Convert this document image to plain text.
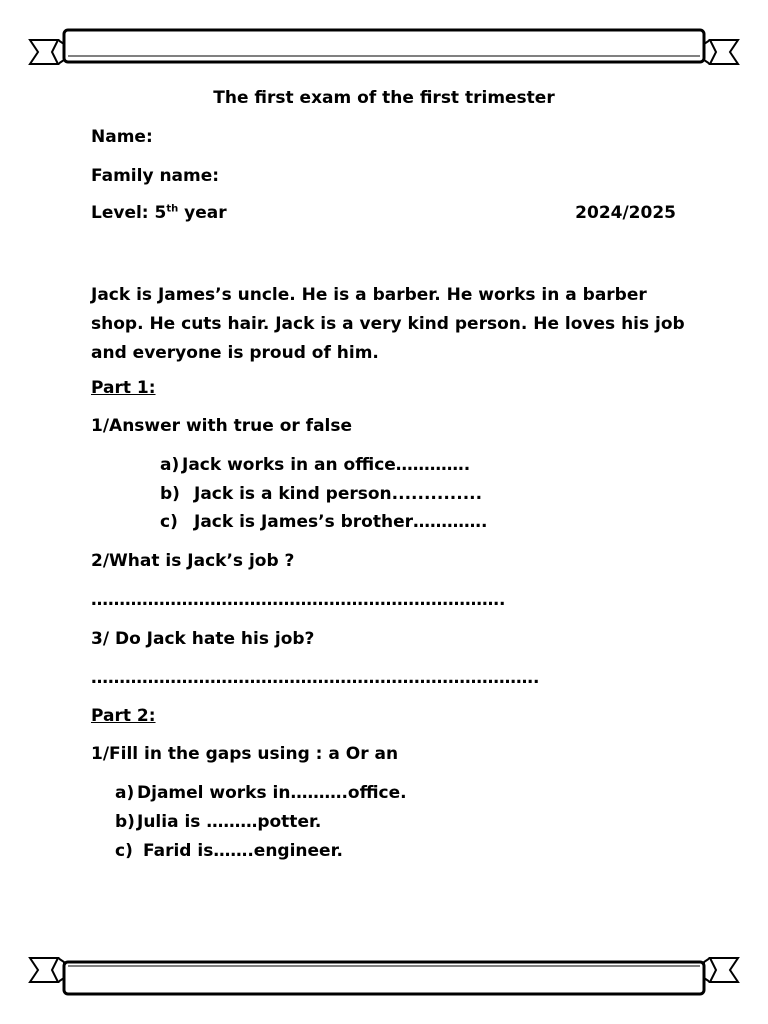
The first exam of the first trimester
Name:
Family name:
Level: 5th year	2024/2025
Jack is James’s uncle. He is a barber. He works in a barber shop. He cuts hair. Jack is a very kind person. He loves his job and everyone is proud of him.
Part 1:
1/Answer with true or false
a) Jack works in an office………….
b) Jack is a kind person..............
c) Jack is James’s brother………….
2/What is Jack’s job ?
……………………………………………………………….
3/ Do Jack hate his job?
…………………………………………………………………….
Part 2:
1/Fill in the gaps using : a Or an
a) Djamel works in……….office.
b) Julia is ………potter.
c) Farid is…….engineer.
